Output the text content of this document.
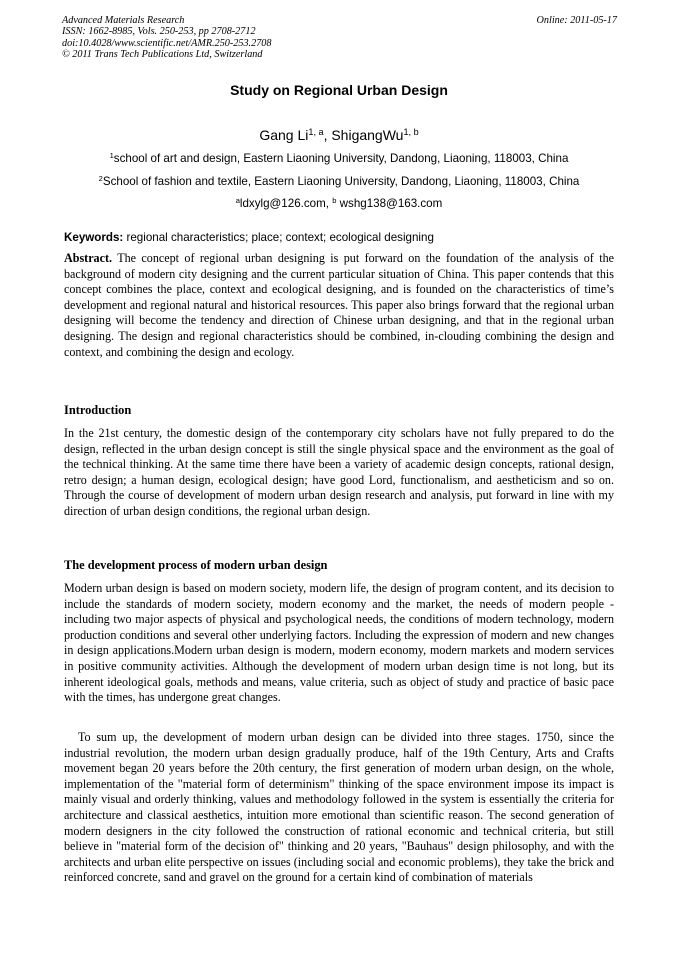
Advanced Materials Research
ISSN: 1662-8985, Vols. 250-253, pp 2708-2712
doi:10.4028/www.scientific.net/AMR.250-253.2708
© 2011 Trans Tech Publications Ltd, Switzerland
Online: 2011-05-17
Study on Regional Urban Design
Gang Li$^{1, a}$, ShigangWu$^{1, b}$
$^1$school of art and design, Eastern Liaoning University, Dandong, Liaoning, 118003, China
$^2$School of fashion and textile, Eastern Liaoning University, Dandong, Liaoning, 118003, China
$^a$ldxylg@126.com, $^b$ wshg138@163.com
Keywords: regional characteristics; place; context; ecological designing

Abstract. The concept of regional urban designing is put forward on the foundation of the analysis of the background of modern city designing and the current particular situation of China. This paper contends that this concept combines the place, context and ecological designing, and is founded on the characteristics of time’s development and regional natural and historical resources. This paper also brings forward that the regional urban designing will become the tendency and direction of Chinese urban designing, and that in the regional urban designing. The design and regional characteristics should be combined, in-clouding combining the design and context, and combining the design and ecology.

Introduction

In the 21st century, the domestic design of the contemporary city scholars have not fully prepared to do the design, reflected in the urban design concept is still the single physical space and the environment as the goal of the technical thinking. At the same time there have been a variety of academic design concepts, rational design, retro design; a human design, ecological design; have good Lord, functionalism, and aestheticism and so on. Through the course of development of modern urban design research and analysis, put forward in line with my direction of urban design conditions, the regional urban design.

The development process of modern urban design

Modern urban design is based on modern society, modern life, the design of program content, and its decision to include the standards of modern society, modern economy and the market, the needs of modern people - including two major aspects of physical and psychological needs, the conditions of modern technology, modern production conditions and several other underlying factors. Including the expression of modern and new changes in design applications.Modern urban design is modern, modern economy, modern markets and modern services in positive community activities. Although the development of modern urban design time is not long, but its inherent ideological goals, methods and means, value criteria, such as object of study and practice of basic pace with the times, has undergone great changes.

To sum up, the development of modern urban design can be divided into three stages. 1750, since the industrial revolution, the modern urban design gradually produce, half of the 19th Century, Arts and Crafts movement began 20 years before the 20th century, the first generation of modern urban design, on the whole, implementation of the "material form of determinism" thinking of the space environment impose its impact is mainly visual and orderly thinking, values and methodology followed in the system is essentially the criteria for architecture and classical aesthetics, intuition more emotional than scientific reason. The second generation of modern designers in the city followed the construction of rational economic and technical criteria, but still believe in "material form of the decision of" thinking and 20 years, "Bauhaus" design philosophy, and with the architects and urban elite perspective on issues (including social and economic problems), they take the brick and reinforced concrete, sand and gravel on the ground for a certain kind of combination of materials
